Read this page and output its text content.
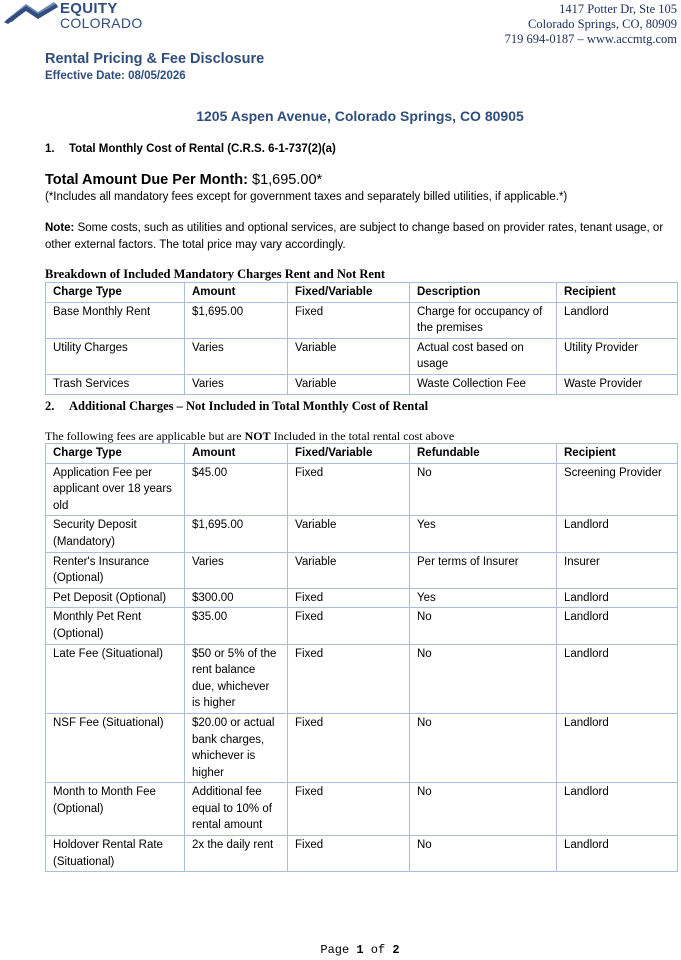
EQUITY
COLORADO
1417 Potter Dr, Ste 105
Colorado Springs, CO, 80909
719 694-0187 – www.accmtg.com
Rental Pricing & Fee Disclosure
Effective Date: 08/05/2026
1205 Aspen Avenue, Colorado Springs, CO 80905
1. Total Monthly Cost of Rental (C.R.S. 6-1-737(2)(a)
Total Amount Due Per Month: $1,695.00*
(*Includes all mandatory fees except for government taxes and separately billed utilities, if applicable.*)
Note: Some costs, such as utilities and optional services, are subject to change based on provider rates, tenant usage, or other external factors. The total price may vary accordingly.
Breakdown of Included Mandatory Charges Rent and Not Rent
Charge Type	Amount	Fixed/Variable	Description	Recipient
Base Monthly Rent	$1,695.00	Fixed	Charge for occupancy of the premises	Landlord
Utility Charges	Varies	Variable	Actual cost based on usage	Utility Provider
Trash Services	Varies	Variable	Waste Collection Fee	Waste Provider
2. Additional Charges – Not Included in Total Monthly Cost of Rental
The following fees are applicable but are NOT Included in the total rental cost above
Charge Type	Amount	Fixed/Variable	Refundable	Recipient
Application Fee per applicant over 18 years old	$45.00	Fixed	No	Screening Provider
Security Deposit (Mandatory)	$1,695.00	Variable	Yes	Landlord
Renter's Insurance (Optional)	Varies	Variable	Per terms of Insurer	Insurer
Pet Deposit (Optional)	$300.00	Fixed	Yes	Landlord
Monthly Pet Rent (Optional)	$35.00	Fixed	No	Landlord
Late Fee (Situational)	$50 or 5% of the rent balance due, whichever is higher	Fixed	No	Landlord
NSF Fee (Situational)	$20.00 or actual bank charges, whichever is higher	Fixed	No	Landlord
Month to Month Fee (Optional)	Additional fee equal to 10% of rental amount	Fixed	No	Landlord
Holdover Rental Rate (Situational)	2x the daily rent	Fixed	No	Landlord
Page 1 of 2
